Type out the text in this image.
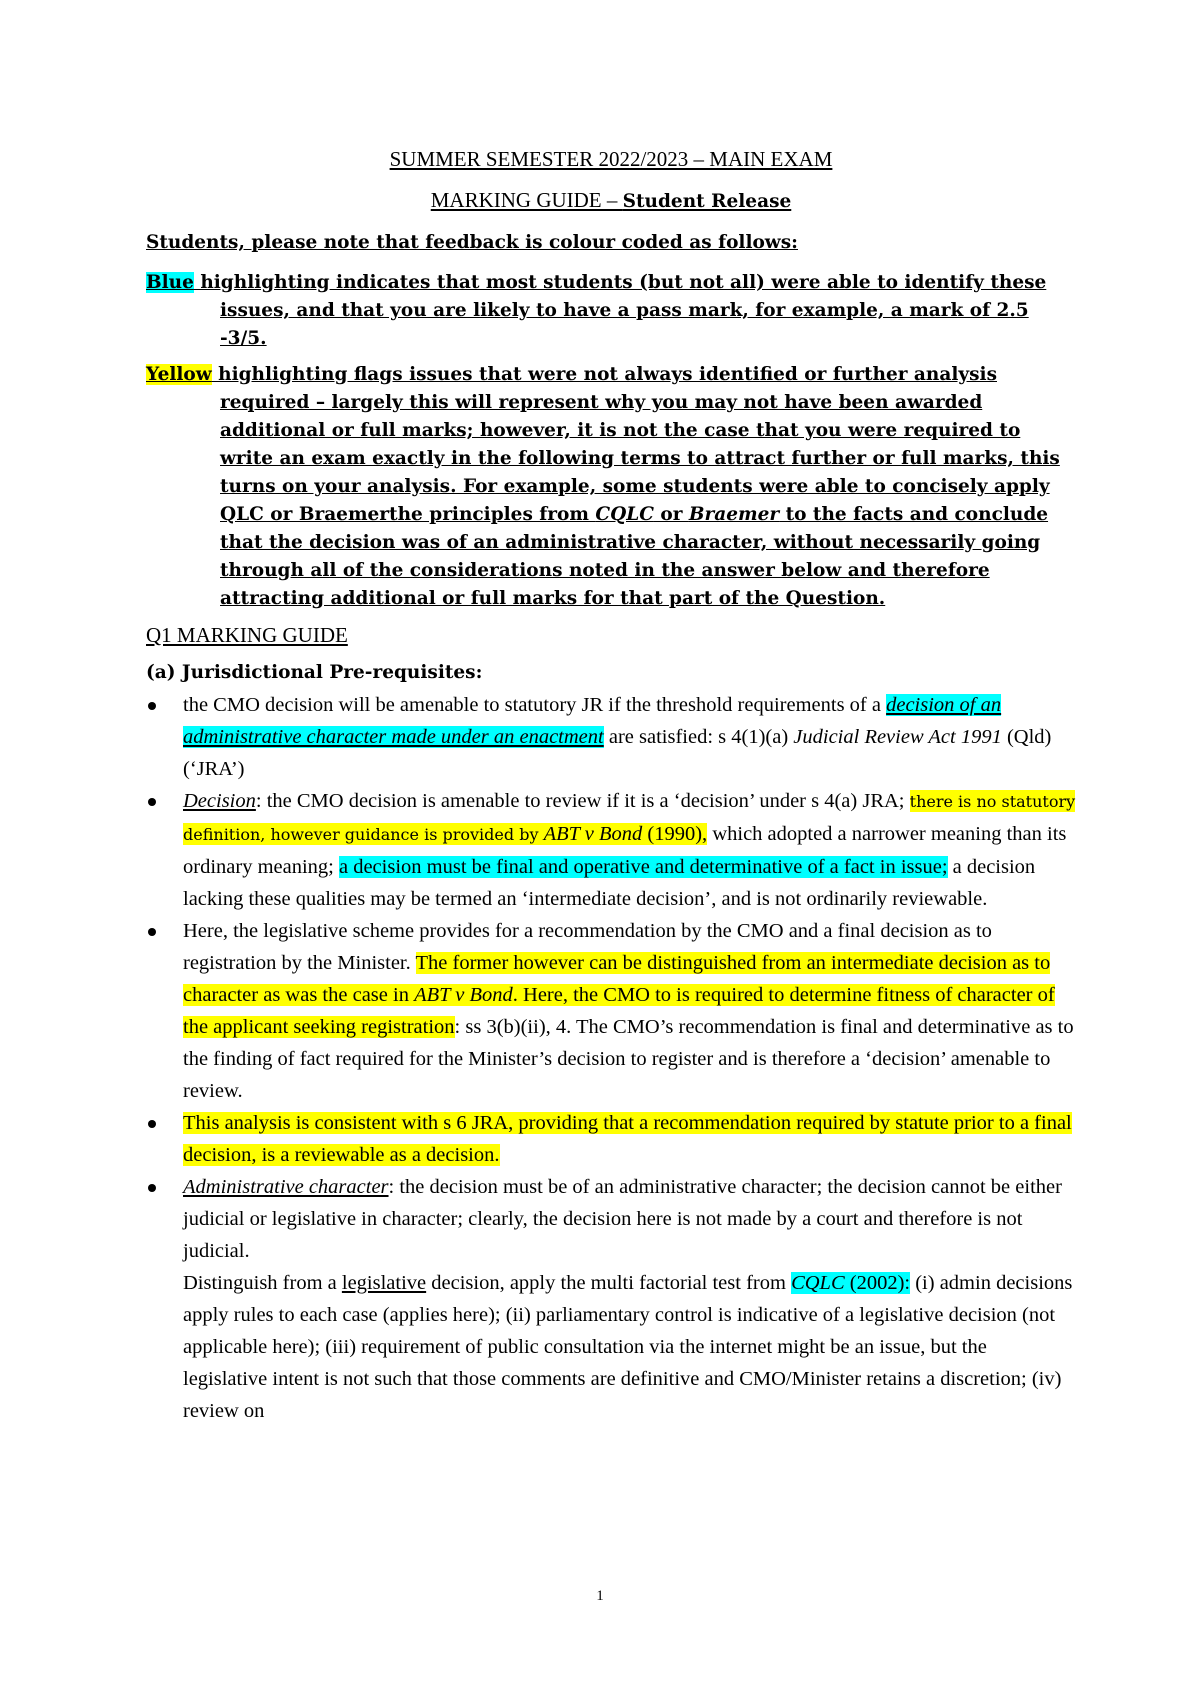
SUMMER SEMESTER 2022/2023 – MAIN EXAM
MARKING GUIDE – Student Release

Students, please note that feedback is colour coded as follows:

Blue highlighting indicates that most students (but not all) were able to identify these issues, and that you are likely to have a pass mark, for example, a mark of 2.5 -3/5.

Yellow highlighting flags issues that were not always identified or further analysis required – largely this will represent why you may not have been awarded additional or full marks; however, it is not the case that you were required to write an exam exactly in the following terms to attract further or full marks, this turns on your analysis. For example, some students were able to concisely apply QLC or Braemerthe principles from CQLC or Braemer to the facts and conclude that the decision was of an administrative character, without necessarily going through all of the considerations noted in the answer below and therefore attracting additional or full marks for that part of the Question.

Q1 MARKING GUIDE
(a) Jurisdictional Pre-requisites:
the CMO decision will be amenable to statutory JR if the threshold requirements of a decision of an administrative character made under an enactment are satisfied: s 4(1)(a) Judicial Review Act 1991 (Qld) (‘JRA’)
Decision: the CMO decision is amenable to review if it is a ‘decision’ under s 4(a) JRA; there is no statutory definition, however guidance is provided by ABT v Bond (1990), which adopted a narrower meaning than its ordinary meaning; a decision must be final and operative and determinative of a fact in issue; a decision lacking these qualities may be termed an ‘intermediate decision’, and is not ordinarily reviewable.
Here, the legislative scheme provides for a recommendation by the CMO and a final decision as to registration by the Minister. The former however can be distinguished from an intermediate decision as to character as was the case in ABT v Bond. Here, the CMO to is required to determine fitness of character of the applicant seeking registration: ss 3(b)(ii), 4. The CMO’s recommendation is final and determinative as to the finding of fact required for the Minister’s decision to register and is therefore a ‘decision’ amenable to review.
This analysis is consistent with s 6 JRA, providing that a recommendation required by statute prior to a final decision, is a reviewable as a decision.
Administrative character: the decision must be of an administrative character; the decision cannot be either judicial or legislative in character; clearly, the decision here is not made by a court and therefore is not judicial.
Distinguish from a legislative decision, apply the multi factorial test from CQLC (2002): (i) admin decisions apply rules to each case (applies here); (ii) parliamentary control is indicative of a legislative decision (not applicable here); (iii) requirement of public consultation via the internet might be an issue, but the legislative intent is not such that those comments are definitive and CMO/Minister retains a discretion; (iv) review on
1
